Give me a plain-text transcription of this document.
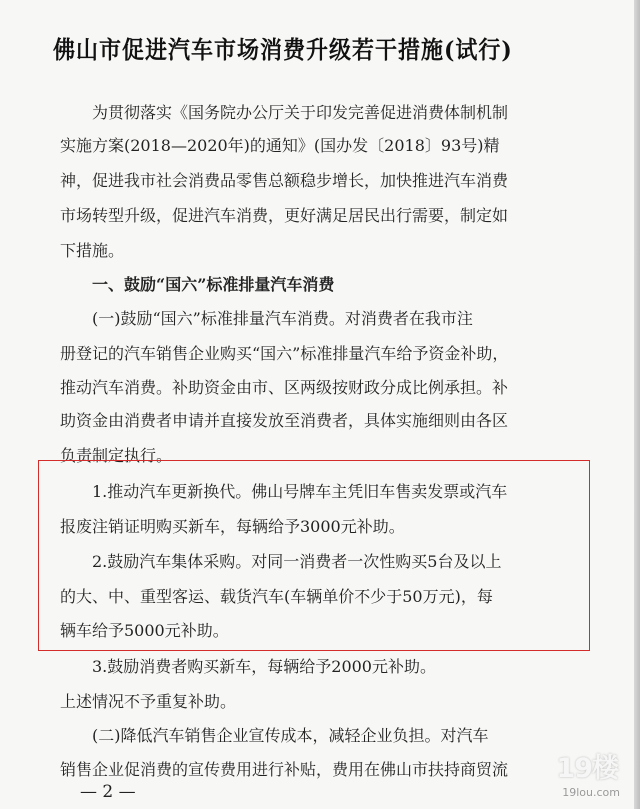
佛山市促进汽车市场消费升级若干措施(试行)
为贯彻落实《国务院办公厅关于印发完善促进消费体制机制
实施方案(2018—2020年)的通知》(国办发〔2018〕93号)精
神，促进我市社会消费品零售总额稳步增长，加快推进汽车消费
市场转型升级，促进汽车消费，更好满足居民出行需要，制定如
下措施。
一、鼓励“国六”标准排量汽车消费
(一)鼓励“国六”标准排量汽车消费。对消费者在我市注
册登记的汽车销售企业购买“国六”标准排量汽车给予资金补助，
推动汽车消费。补助资金由市、区两级按财政分成比例承担。补
助资金由消费者申请并直接发放至消费者，具体实施细则由各区
负责制定执行。
1.推动汽车更新换代。佛山号牌车主凭旧车售卖发票或汽车
报废注销证明购买新车，每辆给予3000元补助。
2.鼓励汽车集体采购。对同一消费者一次性购买5台及以上
的大、中、重型客运、载货汽车(车辆单价不少于50万元)，每
辆车给予5000元补助。
3.鼓励消费者购买新车，每辆给予2000元补助。
上述情况不予重复补助。
(二)降低汽车销售企业宣传成本，减轻企业负担。对汽车
销售企业促消费的宣传费用进行补贴，费用在佛山市扶持商贸流
— 2 —
19楼
19lou.com
